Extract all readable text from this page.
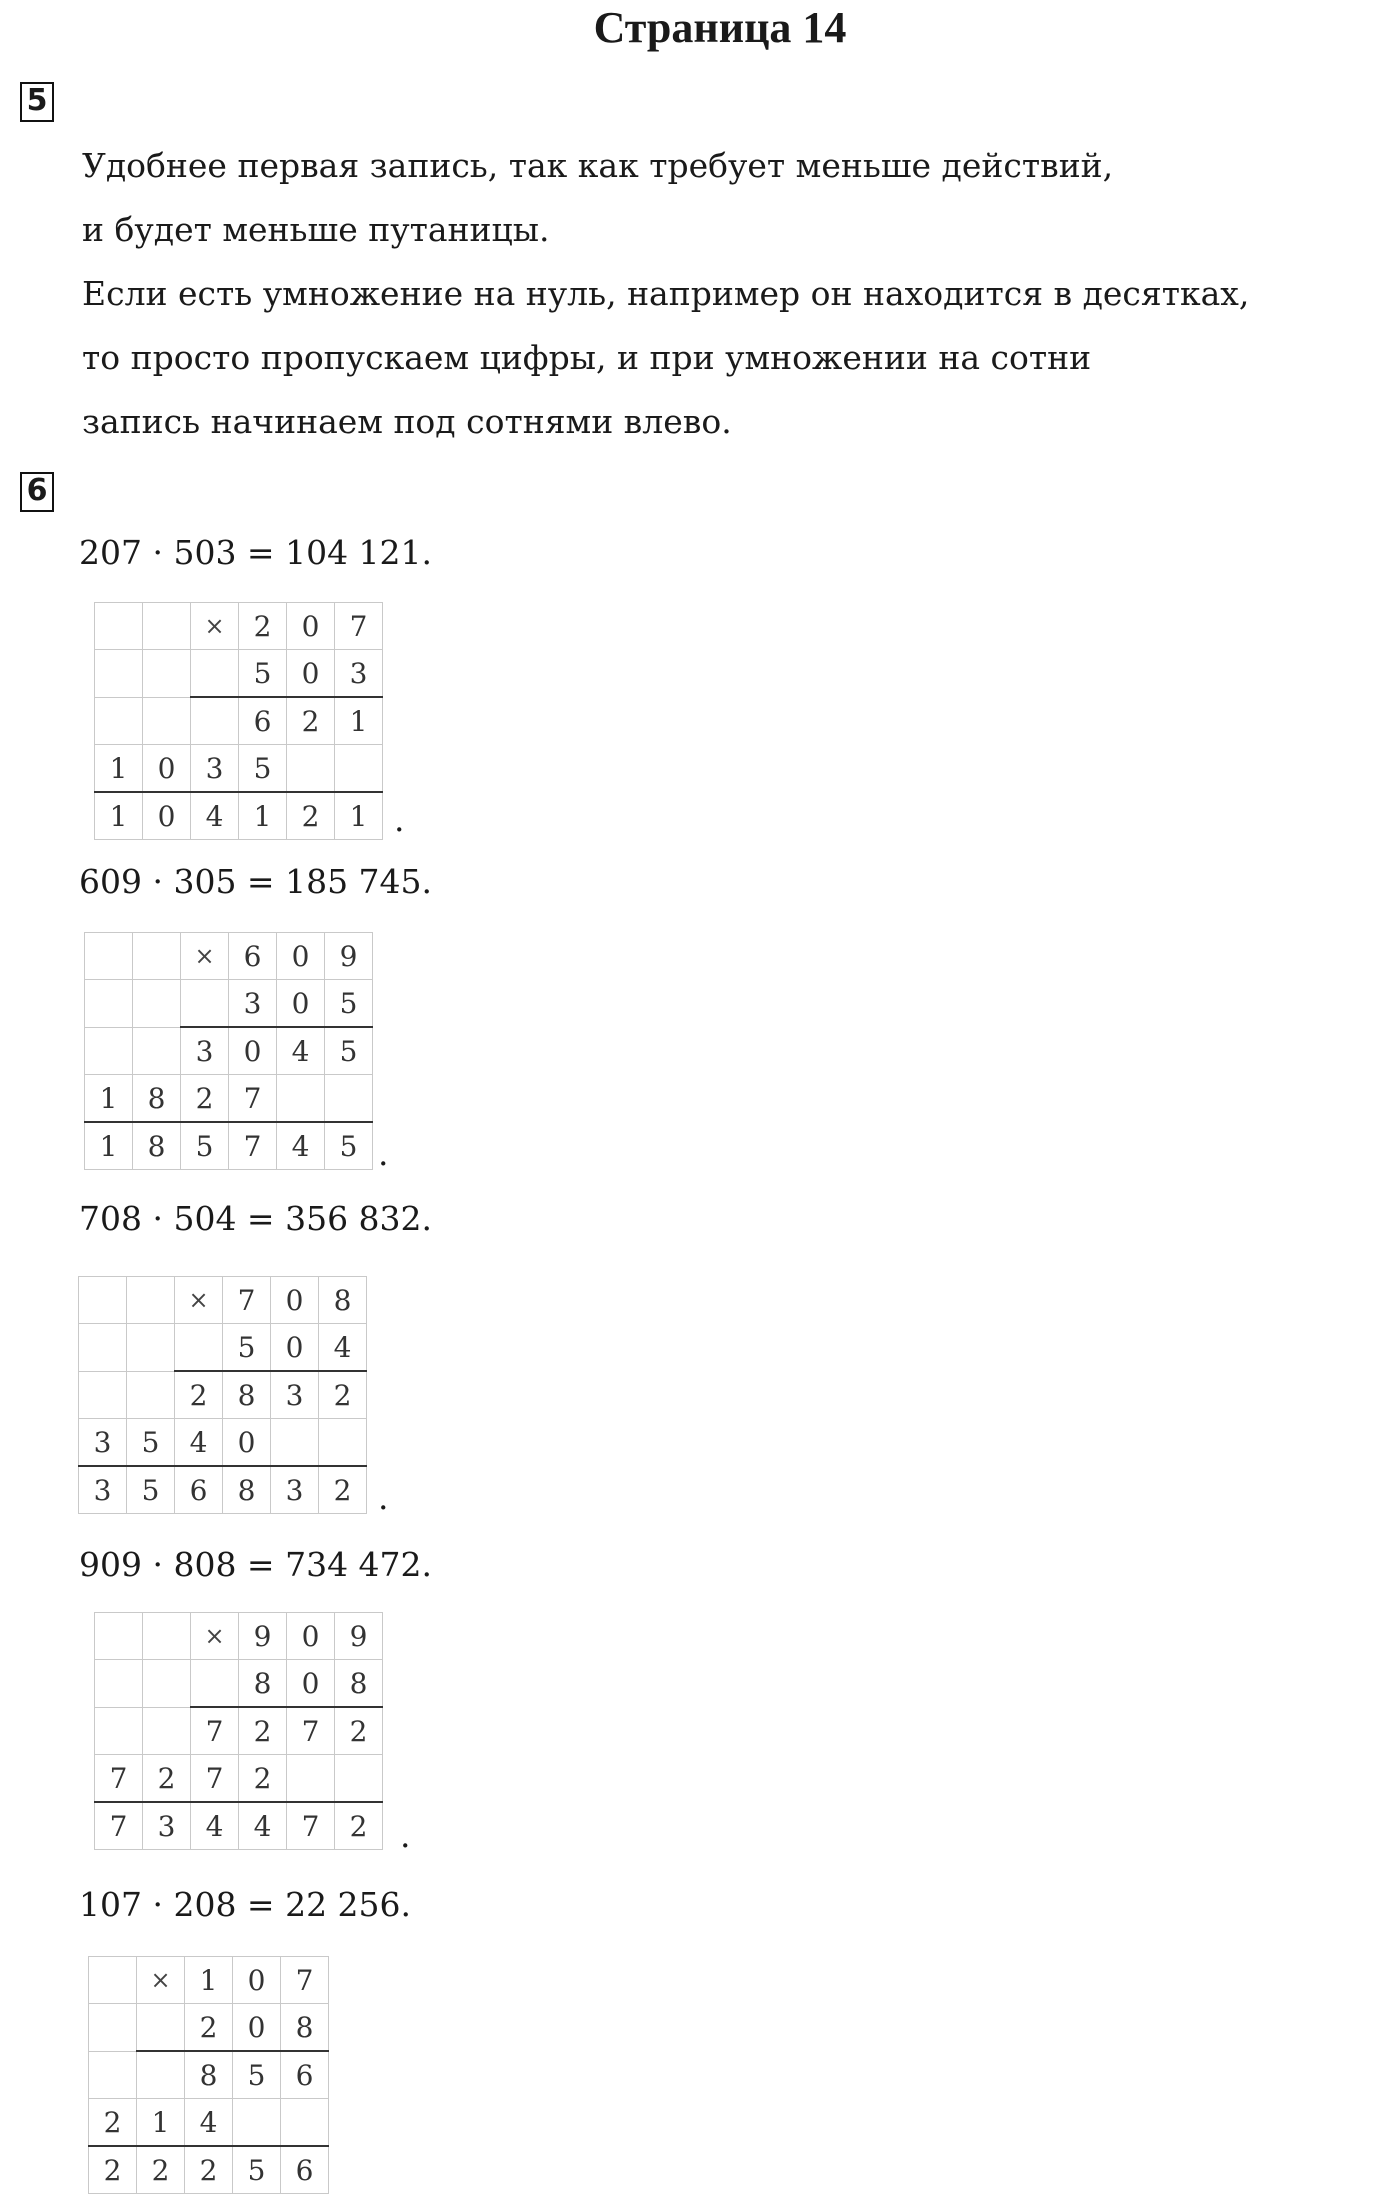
Страница 14
5
Удобнее первая запись, так как требует меньше действий,
и будет меньше путаницы.
Если есть умножение на нуль, например он находится в десятках,
то просто пропускаем цифры, и при умножении на сотни
запись начинаем под сотнями влево.
6
207 · 503 = 104 121.
		×	2	0	7
			5	0	3
			6	2	1
1	0	3	5		
1	0	4	1	2	1 .
609 · 305 = 185 745.
		×	6	0	9
			3	0	5
		3	0	4	5
1	8	2	7		
1	8	5	7	4	5 .
708 · 504 = 356 832.
		×	7	0	8
			5	0	4
		2	8	3	2
3	5	4	0		
3	5	6	8	3	2 .
909 · 808 = 734 472.
		×	9	0	9
			8	0	8
		7	2	7	2
7	2	7	2		
7	3	4	4	7	2 .
107 · 208 = 22 256.
	×	1	0	7
		2	0	8
		8	5	6
2	1	4		
2	2	2	5	6
